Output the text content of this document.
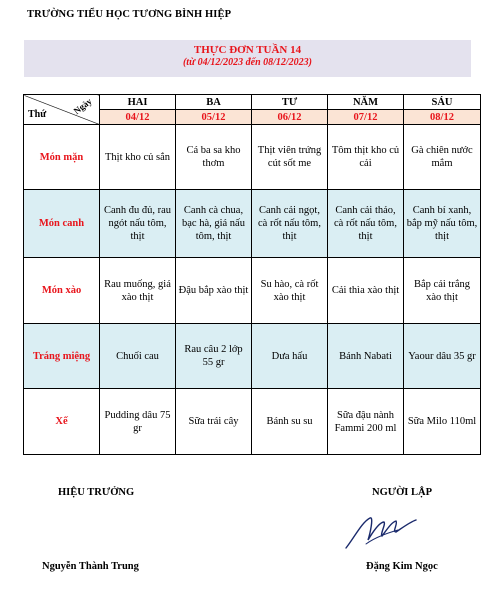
TRƯỜNG TIỂU HỌC TƯƠNG BÌNH HIỆP
THỰC ĐƠN TUẦN 14
(từ 04/12/2023 đến 08/12/2023)
Thứ Ngày	HAI	BA	TƯ	NĂM	SÁU
	04/12	05/12	06/12	07/12	08/12
Món mặn	Thịt kho củ sắn	Cá ba sa kho thơm	Thịt viên trứng cút sốt me	Tôm thịt kho củ cải	Gà chiên nước mắm
Món canh	Canh đu đủ, rau ngót nấu tôm, thịt	Canh cà chua, bạc hà, giá nấu tôm, thịt	Canh cải ngọt, cà rốt nấu tôm, thịt	Canh cải thảo, cà rốt nấu tôm, thịt	Canh bí xanh, bắp mỹ nấu tôm, thịt
Món xào	Rau muống, giá xào thịt	Đậu bắp xào thịt	Su hào, cà rốt xào thịt	Cải thìa xào thịt	Bắp cải trắng xào thịt
Tráng miệng	Chuối cau	Rau câu 2 lớp 55 gr	Dưa hấu	Bánh Nabati	Yaour dâu 35 gr
Xế	Pudding dâu 75 gr	Sữa trái cây	Bánh su su	Sữa đậu nành Fammi 200 ml	Sữa Milo 110ml
HIỆU TRƯỞNG	NGƯỜI LẬP
Nguyễn Thành Trung	Đặng Kim Ngọc
